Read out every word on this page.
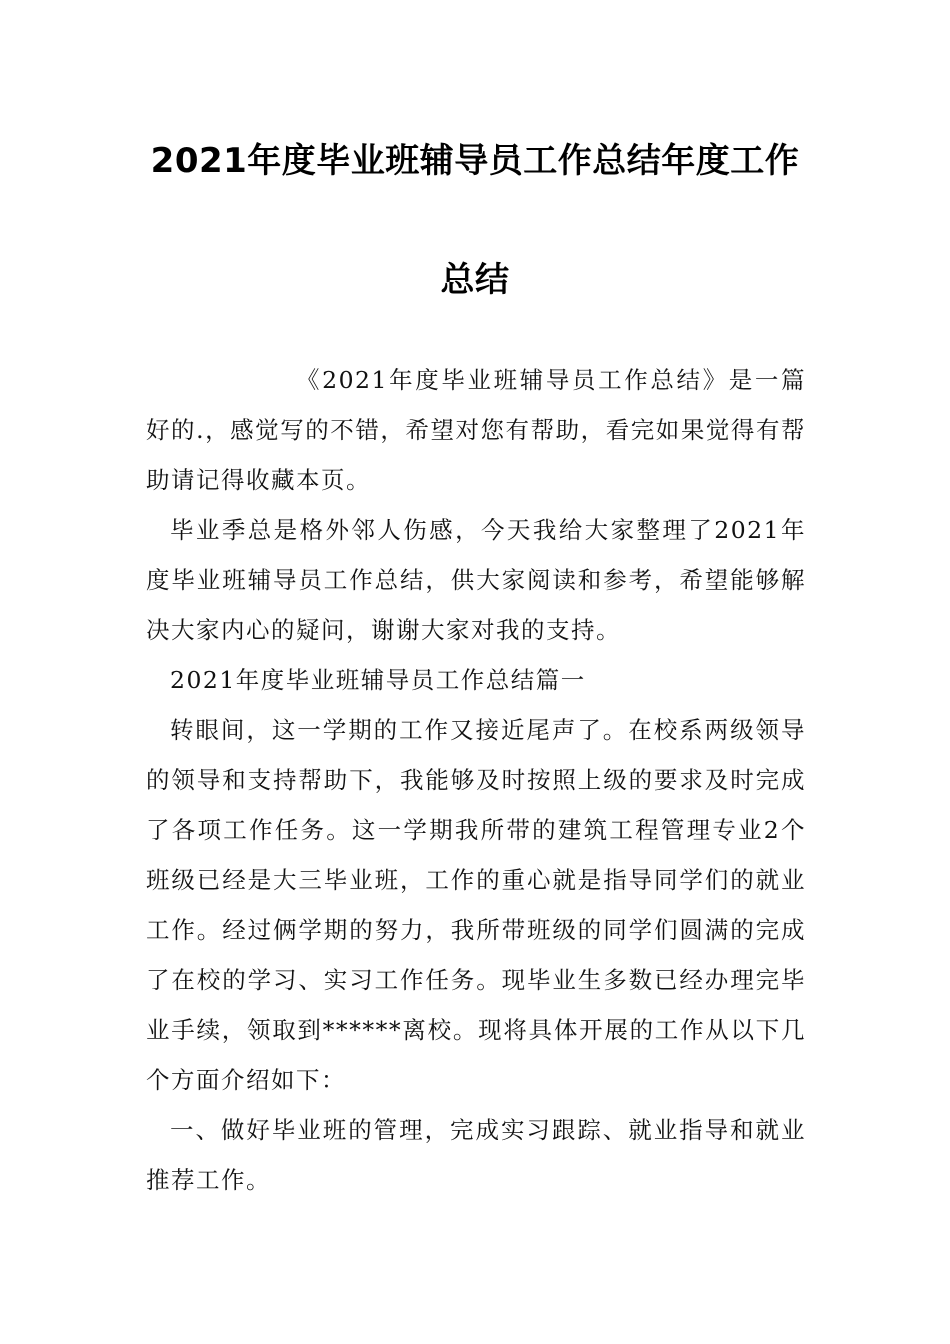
2021年度毕业班辅导员工作总结年度工作
总结

《2021年度毕业班辅导员工作总结》是一篇好的.，感觉写的不错，希望对您有帮助，看完如果觉得有帮助请记得收藏本页。

毕业季总是格外邻人伤感，今天我给大家整理了2021年度毕业班辅导员工作总结，供大家阅读和参考，希望能够解决大家内心的疑问，谢谢大家对我的支持。

2021年度毕业班辅导员工作总结篇一

转眼间，这一学期的工作又接近尾声了。在校系两级领导的领导和支持帮助下，我能够及时按照上级的要求及时完成了各项工作任务。这一学期我所带的建筑工程管理专业2个班级已经是大三毕业班，工作的重心就是指导同学们的就业工作。经过俩学期的努力，我所带班级的同学们圆满的完成了在校的学习、实习工作任务。现毕业生多数已经办理完毕业手续，领取到******离校。现将具体开展的工作从以下几个方面介绍如下：

一、做好毕业班的管理，完成实习跟踪、就业指导和就业推荐工作。
